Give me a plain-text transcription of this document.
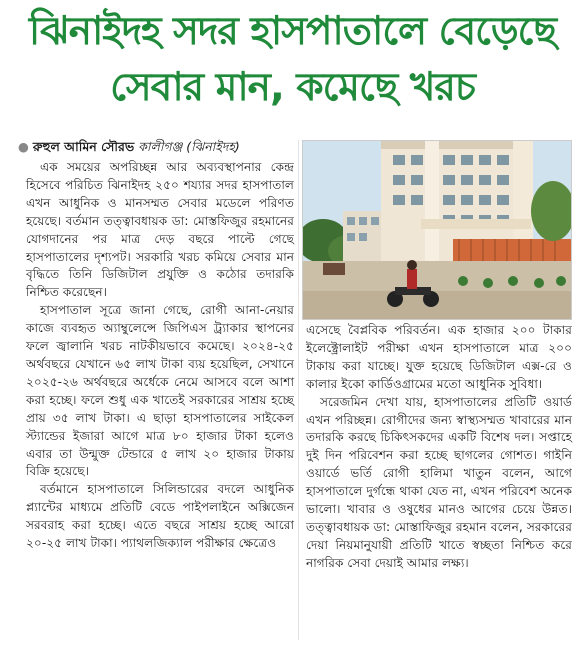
ঝিনাইদহ সদর হাসপাতালে বেড়েছে
সেবার মান, কমেছে খরচ
● রুহুল আমিন সৌরভ কালীগঞ্জ (ঝিনাইদহ)

এক সময়ের অপরিচ্ছন্ন আর অব্যবস্থাপনার কেন্দ্র হিসেবে পরিচিত ঝিনাইদহ ২৫০ শয্যার সদর হাসপাতাল এখন আধুনিক ও মানসম্মত সেবার মডেলে পরিণত হয়েছে। বর্তমান তত্ত্বাবধায়ক ডা: মোস্তফিজুর রহমানের যোগদানের পর মাত্র দেড় বছরে পাল্টে গেছে হাসপাতালের দৃশ্যপট। সরকারি খরচ কমিয়ে সেবার মান বৃদ্ধিতে তিনি ডিজিটাল প্রযুক্তি ও কঠোর তদারকি নিশ্চিত করেছেন।

হাসপাতাল সূত্রে জানা গেছে, রোগী আনা-নেয়ার কাজে ব্যবহৃত অ্যাম্বুলেন্সে জিপিএস ট্র্যাকার স্থাপনের ফলে জ্বালানি খরচ নাটকীয়ভাবে কমেছে। ২০২৪-২৫ অর্থবছরে যেখানে ৬৫ লাখ টাকা ব্যয় হয়েছিল, সেখানে ২০২৫-২৬ অর্থবছরে অর্ধেকে নেমে আসবে বলে আশা করা হচ্ছে। ফলে শুধু এক খাতেই সরকারের সাশ্রয় হচ্ছে প্রায় ৩৫ লাখ টাকা। এ ছাড়া হাসপাতালের সাইকেল স্ট্যান্ডের ইজারা আগে মাত্র ৮০ হাজার টাকা হলেও এবার তা উন্মুক্ত টেন্ডারে ৫ লাখ ২০ হাজার টাকায় বিক্রি হয়েছে।

বর্তমানে হাসপাতালে সিলিন্ডারের বদলে আধুনিক প্ল্যান্টের মাধ্যমে প্রতিটি বেডে পাইপলাইনে অক্সিজেন সরবরাহ করা হচ্ছে। এতে বছরে সাশ্রয় হচ্ছে আরো ২০-২৫ লাখ টাকা। প্যাথলজিক্যাল পরীক্ষার ক্ষেত্রেও

এসেছে বৈপ্লবিক পরিবর্তন। এক হাজার ২০০ টাকার ইলেক্ট্রোলাইট পরীক্ষা এখন হাসপাতালে মাত্র ২০০ টাকায় করা যাচ্ছে। যুক্ত হয়েছে ডিজিটাল এক্স-রে ও কালার ইকো কার্ডিওগ্রামের মতো আধুনিক সুবিধা।

সরেজমিন দেখা যায়, হাসপাতালের প্রতিটি ওয়ার্ড এখন পরিচ্ছন্ন। রোগীদের জন্য স্বাস্থ্যসম্মত খাবারের মান তদারকি করছে চিকিৎসকদের একটি বিশেষ দল। সপ্তাহে দুই দিন পরিবেশন করা হচ্ছে ছাগলের গোশত। গাইনি ওয়ার্ডে ভর্তি রোগী হালিমা খাতুন বলেন, আগে হাসপাতালে দুর্গন্ধে থাকা যেত না, এখন পরিবেশ অনেক ভালো। খাবার ও ওষুধের মানও আগের চেয়ে উন্নত। তত্ত্বাবধায়ক ডা: মোস্তাফিজুর রহমান বলেন, সরকারের দেয়া নিয়মানুযায়ী প্রতিটি খাতে স্বচ্ছতা নিশ্চিত করে নাগরিক সেবা দেয়াই আমার লক্ষ্য।
